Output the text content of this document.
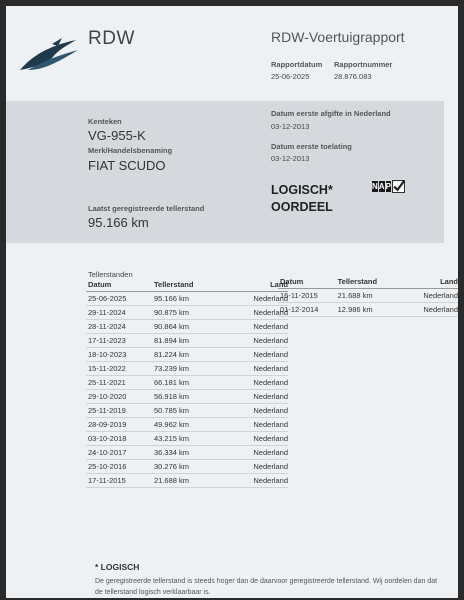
RDW	RDW-Voertuigrapport
Rapportdatum Rapportnummer
25-06-2025	28.876.083
Kenteken
VG-955-K
Merk/Handelsbenaming
FIAT SCUDO
Laatst geregistreerde tellerstand
95.166 km
Datum eerste afgifte in Nederland
03-12-2013
Datum eerste toelating
03-12-2013
LOGISCH*
OORDEEL
N A P
Tellerstanden
Datum	Tellerstand	Land
25-06-2025	95.166 km	Nederland
29-11-2024	90.875 km	Nederland
28-11-2024	90.864 km	Nederland
17-11-2023	81.894 km	Nederland
18-10-2023	81.224 km	Nederland
15-11-2022	73.239 km	Nederland
25-11-2021	66.181 km	Nederland
29-10-2020	56.918 km	Nederland
25-11-2019	50.785 km	Nederland
28-09-2019	49.962 km	Nederland
03-10-2018	43.215 km	Nederland
24-10-2017	36.334 km	Nederland
25-10-2016	30.276 km	Nederland
17-11-2015	21.688 km	Nederland
Datum	Tellerstand	Land
16-11-2015	21.688 km	Nederland
01-12-2014	12.986 km	Nederland
* LOGISCH
De geregistreerde tellerstand is steeds hoger dan de daarvoor geregistreerde tellerstand. Wij oordelen dan dat de tellerstand logisch verklaarbaar is.
